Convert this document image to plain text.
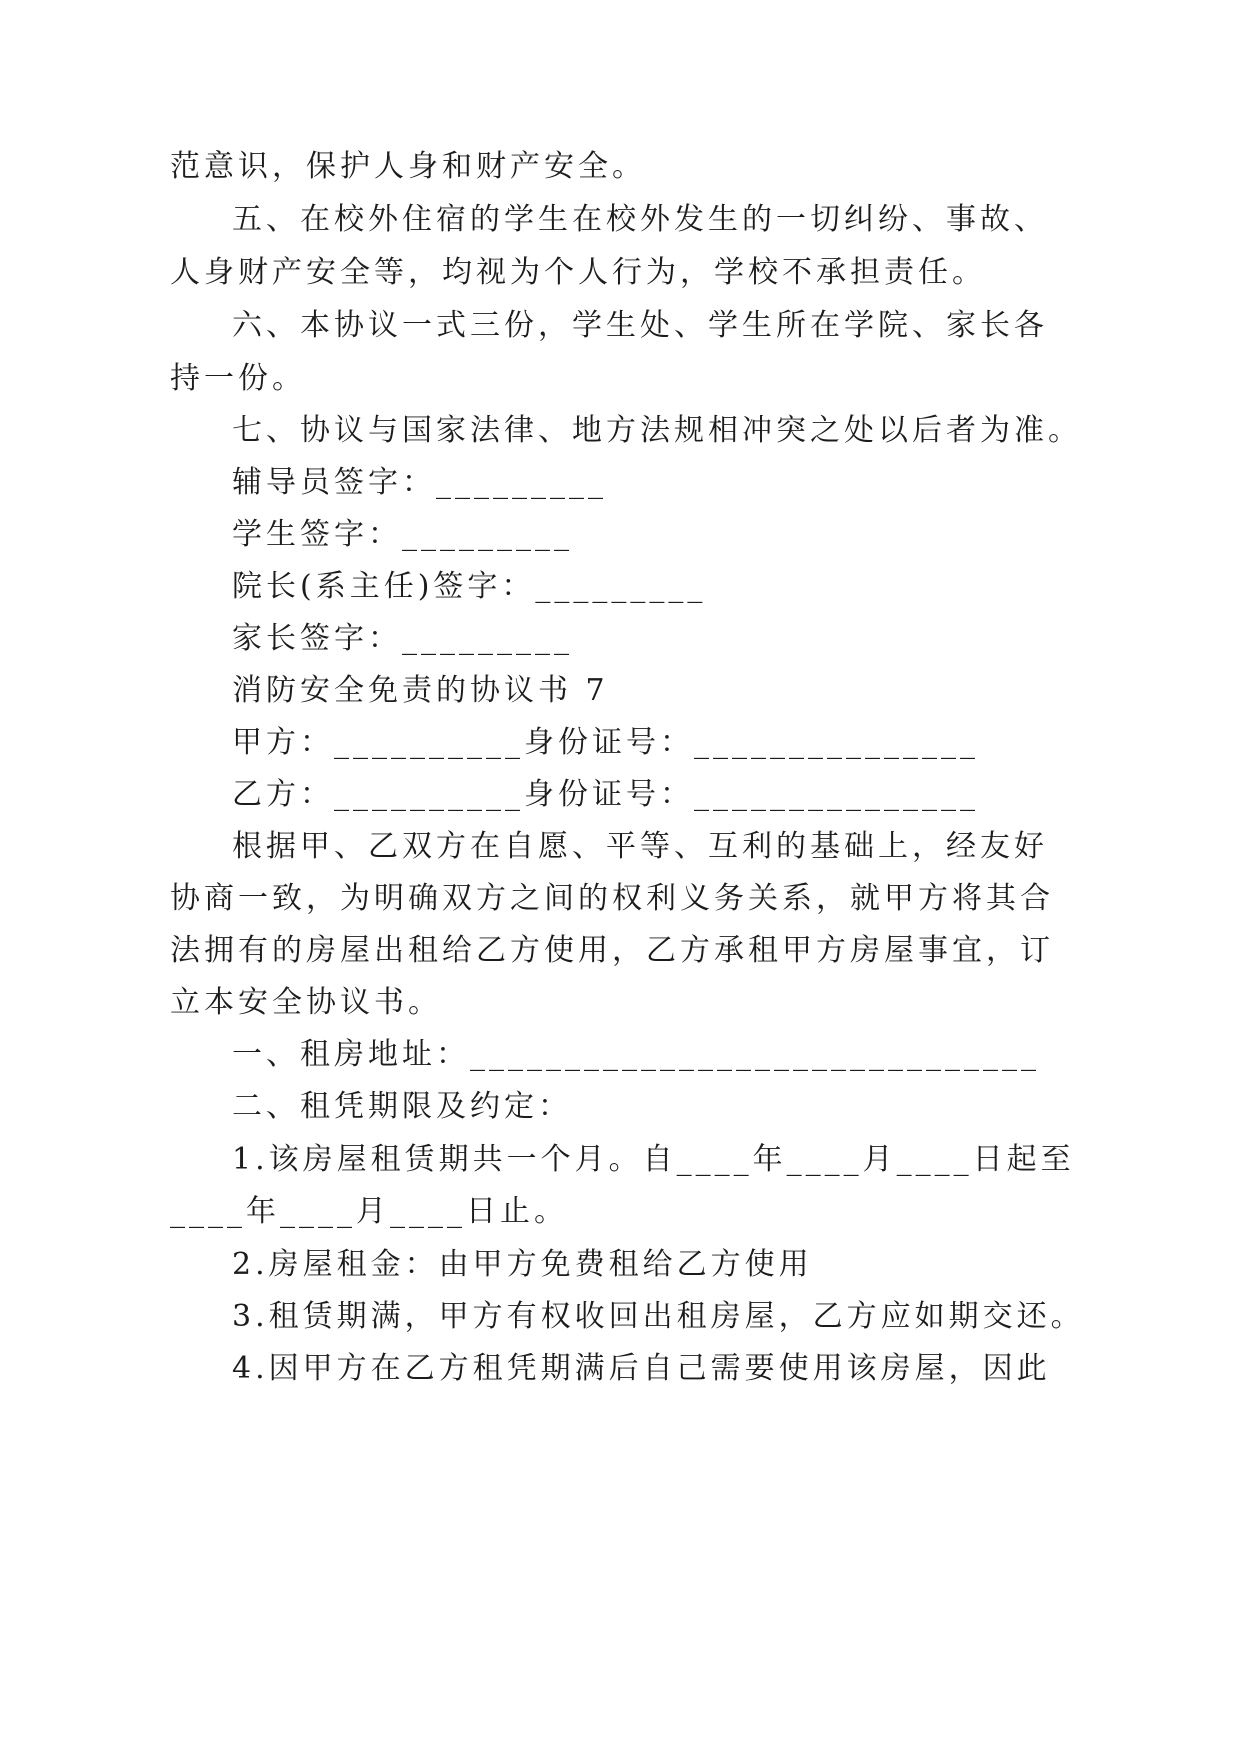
范意识，保护人身和财产安全。
五、在校外住宿的学生在校外发生的一切纠纷、事故、
人身财产安全等，均视为个人行为，学校不承担责任。
六、本协议一式三份，学生处、学生所在学院、家长各
持一份。
七、协议与国家法律、地方法规相冲突之处以后者为准。
辅导员签字：_________
学生签字：_________
院长(系主任)签字：_________
家长签字：_________
消防安全免责的协议书 7
甲方：__________身份证号：_______________
乙方：__________身份证号：_______________
根据甲、乙双方在自愿、平等、互利的基础上，经友好
协商一致，为明确双方之间的权利义务关系，就甲方将其合
法拥有的房屋出租给乙方使用，乙方承租甲方房屋事宜，订
立本安全协议书。
一、租房地址：______________________________
二、租凭期限及约定：
1.该房屋租赁期共一个月。自____年____月____日起至
____年____月____日止。
2.房屋租金：由甲方免费租给乙方使用
3.租赁期满，甲方有权收回出租房屋，乙方应如期交还。
4.因甲方在乙方租凭期满后自己需要使用该房屋，因此
